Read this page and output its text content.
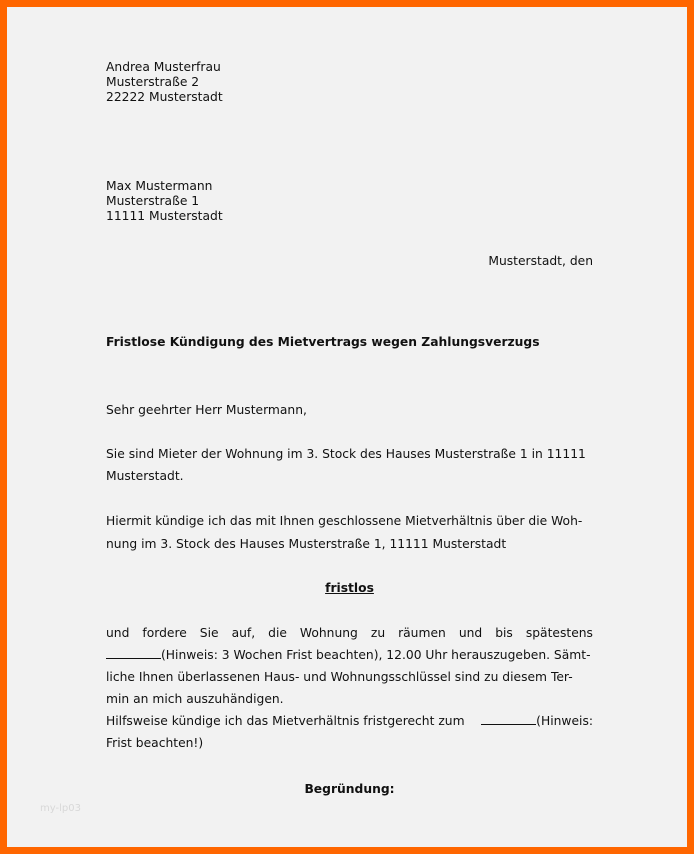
Andrea Musterfrau
Musterstraße 2
22222 Musterstadt
Max Mustermann
Musterstraße 1
11111 Musterstadt
Musterstadt, den
Fristlose Kündigung des Mietvertrags wegen Zahlungsverzugs
Sehr geehrter Herr Mustermann,
Sie sind Mieter der Wohnung im 3. Stock des Hauses Musterstraße 1 in 11111
Musterstadt.
Hiermit kündige ich das mit Ihnen geschlossene Mietverhältnis über die Woh-
nung im 3. Stock des Hauses Musterstraße 1, 11111 Musterstadt
fristlos
und fordere Sie auf, die Wohnung zu räumen und bis spätestens
(Hinweis: 3 Wochen Frist beachten), 12.00 Uhr herauszugeben. Sämt-
liche Ihnen überlassenen Haus- und Wohnungsschlüssel sind zu diesem Ter-
min an mich auszuhändigen.
Hilfsweise kündige ich das Mietverhältnis fristgerecht zum	(Hinweis:
Frist beachten!)
Begründung:
my-lp03
